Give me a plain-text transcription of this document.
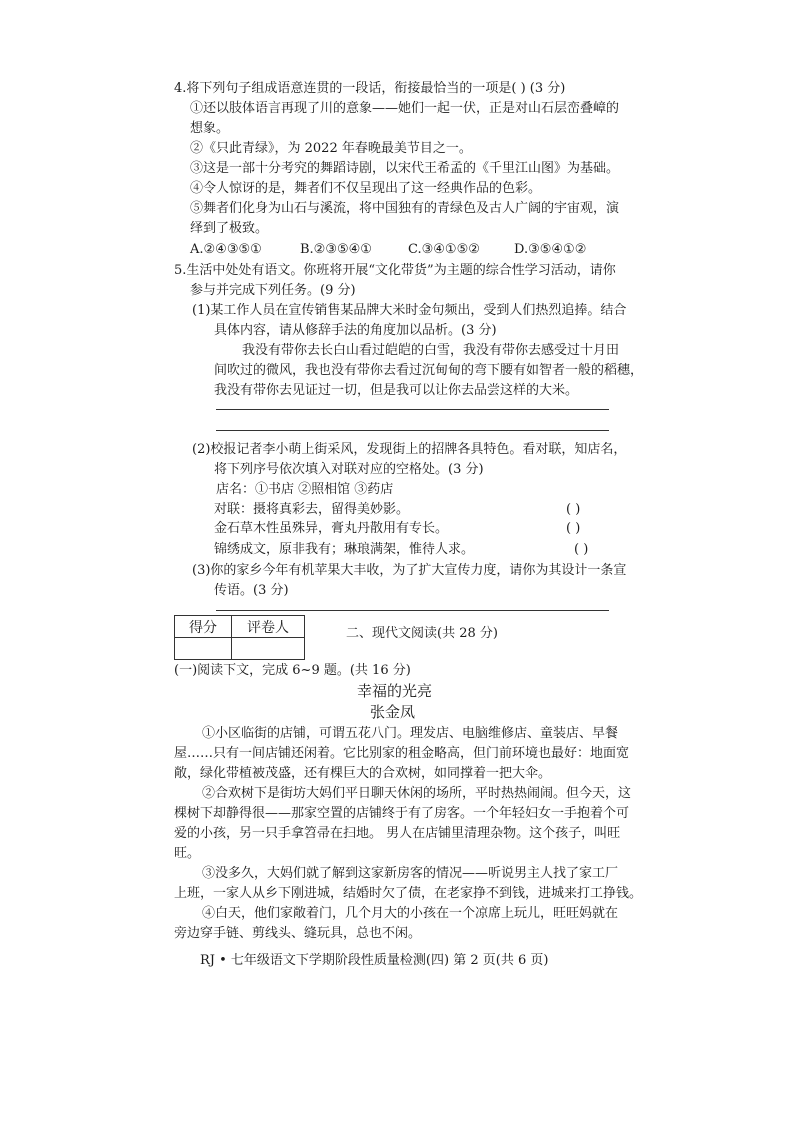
4.将下列句子组成语意连贯的一段话，衔接最恰当的一项是( ) (3 分)
①还以肢体语言再现了川的意象——她们一起一伏，正是对山石层峦叠嶂的
想象。
②《只此青绿》，为 2022 年春晚最美节目之一。
③这是一部十分考究的舞蹈诗剧，以宋代王希孟的《千里江山图》为基础。
④令人惊讶的是，舞者们不仅呈现出了这一经典作品的色彩。
⑤舞者们化身为山石与溪流，将中国独有的青绿色及古人广阔的宇宙观，演
绎到了极致。
A.②④③⑤①	B.②③⑤④①	C.③④①⑤②	D.③⑤④①②
5.生活中处处有语文。你班将开展“文化带货”为主题的综合性学习活动，请你
参与并完成下列任务。(9 分)
(1)某工作人员在宣传销售某品牌大米时金句频出，受到人们热烈追捧。结合
具体内容，请从修辞手法的角度加以品析。(3 分)
我没有带你去长白山看过皑皑的白雪，我没有带你去感受过十月田
间吹过的微风，我也没有带你去看过沉甸甸的弯下腰有如智者一般的稻穗，
我没有带你去见证过一切，但是我可以让你去品尝这样的大米。
(2)校报记者李小萌上街采风，发现街上的招牌各具特色。看对联，知店名，
将下列序号依次填入对联对应的空格处。(3 分)
店名：①书店 ②照相馆 ③药店
对联：摄将真彩去，留得美妙影。	( )
金石草木性虽殊异，膏丸丹散用有专长。	( )
锦绣成文，原非我有；琳琅满架，惟待人求。	( )
(3)你的家乡今年有机苹果大丰收，为了扩大宣传力度，请你为其设计一条宣
传语。(3 分)
得分	评卷人
		二、现代文阅读(共 28 分)
(一)阅读下文，完成 6~9 题。(共 16 分)
幸福的光亮
张金凤
①小区临街的店铺，可谓五花八门。理发店、电脑维修店、童装店、早餐
屋……只有一间店铺还闲着。它比别家的租金略高，但门前环境也最好：地面宽
敞，绿化带植被茂盛，还有棵巨大的合欢树，如同撑着一把大伞。
②合欢树下是街坊大妈们平日聊天休闲的场所，平时热热闹闹。但今天，这
棵树下却静得很——那家空置的店铺终于有了房客。一个年轻妇女一手抱着个可
爱的小孩，另一只手拿笤帚在扫地。 男人在店铺里清理杂物。这个孩子，叫旺
旺。
③没多久，大妈们就了解到这家新房客的情况——听说男主人找了家工厂
上班，一家人从乡下刚进城，结婚时欠了债，在老家挣不到钱，进城来打工挣钱。
④白天，他们家敞着门，几个月大的小孩在一个凉席上玩儿，旺旺妈就在
旁边穿手链、剪线头、缝玩具，总也不闲。
RJ • 七年级语文下学期阶段性质量检测(四) 第 2 页(共 6 页)
